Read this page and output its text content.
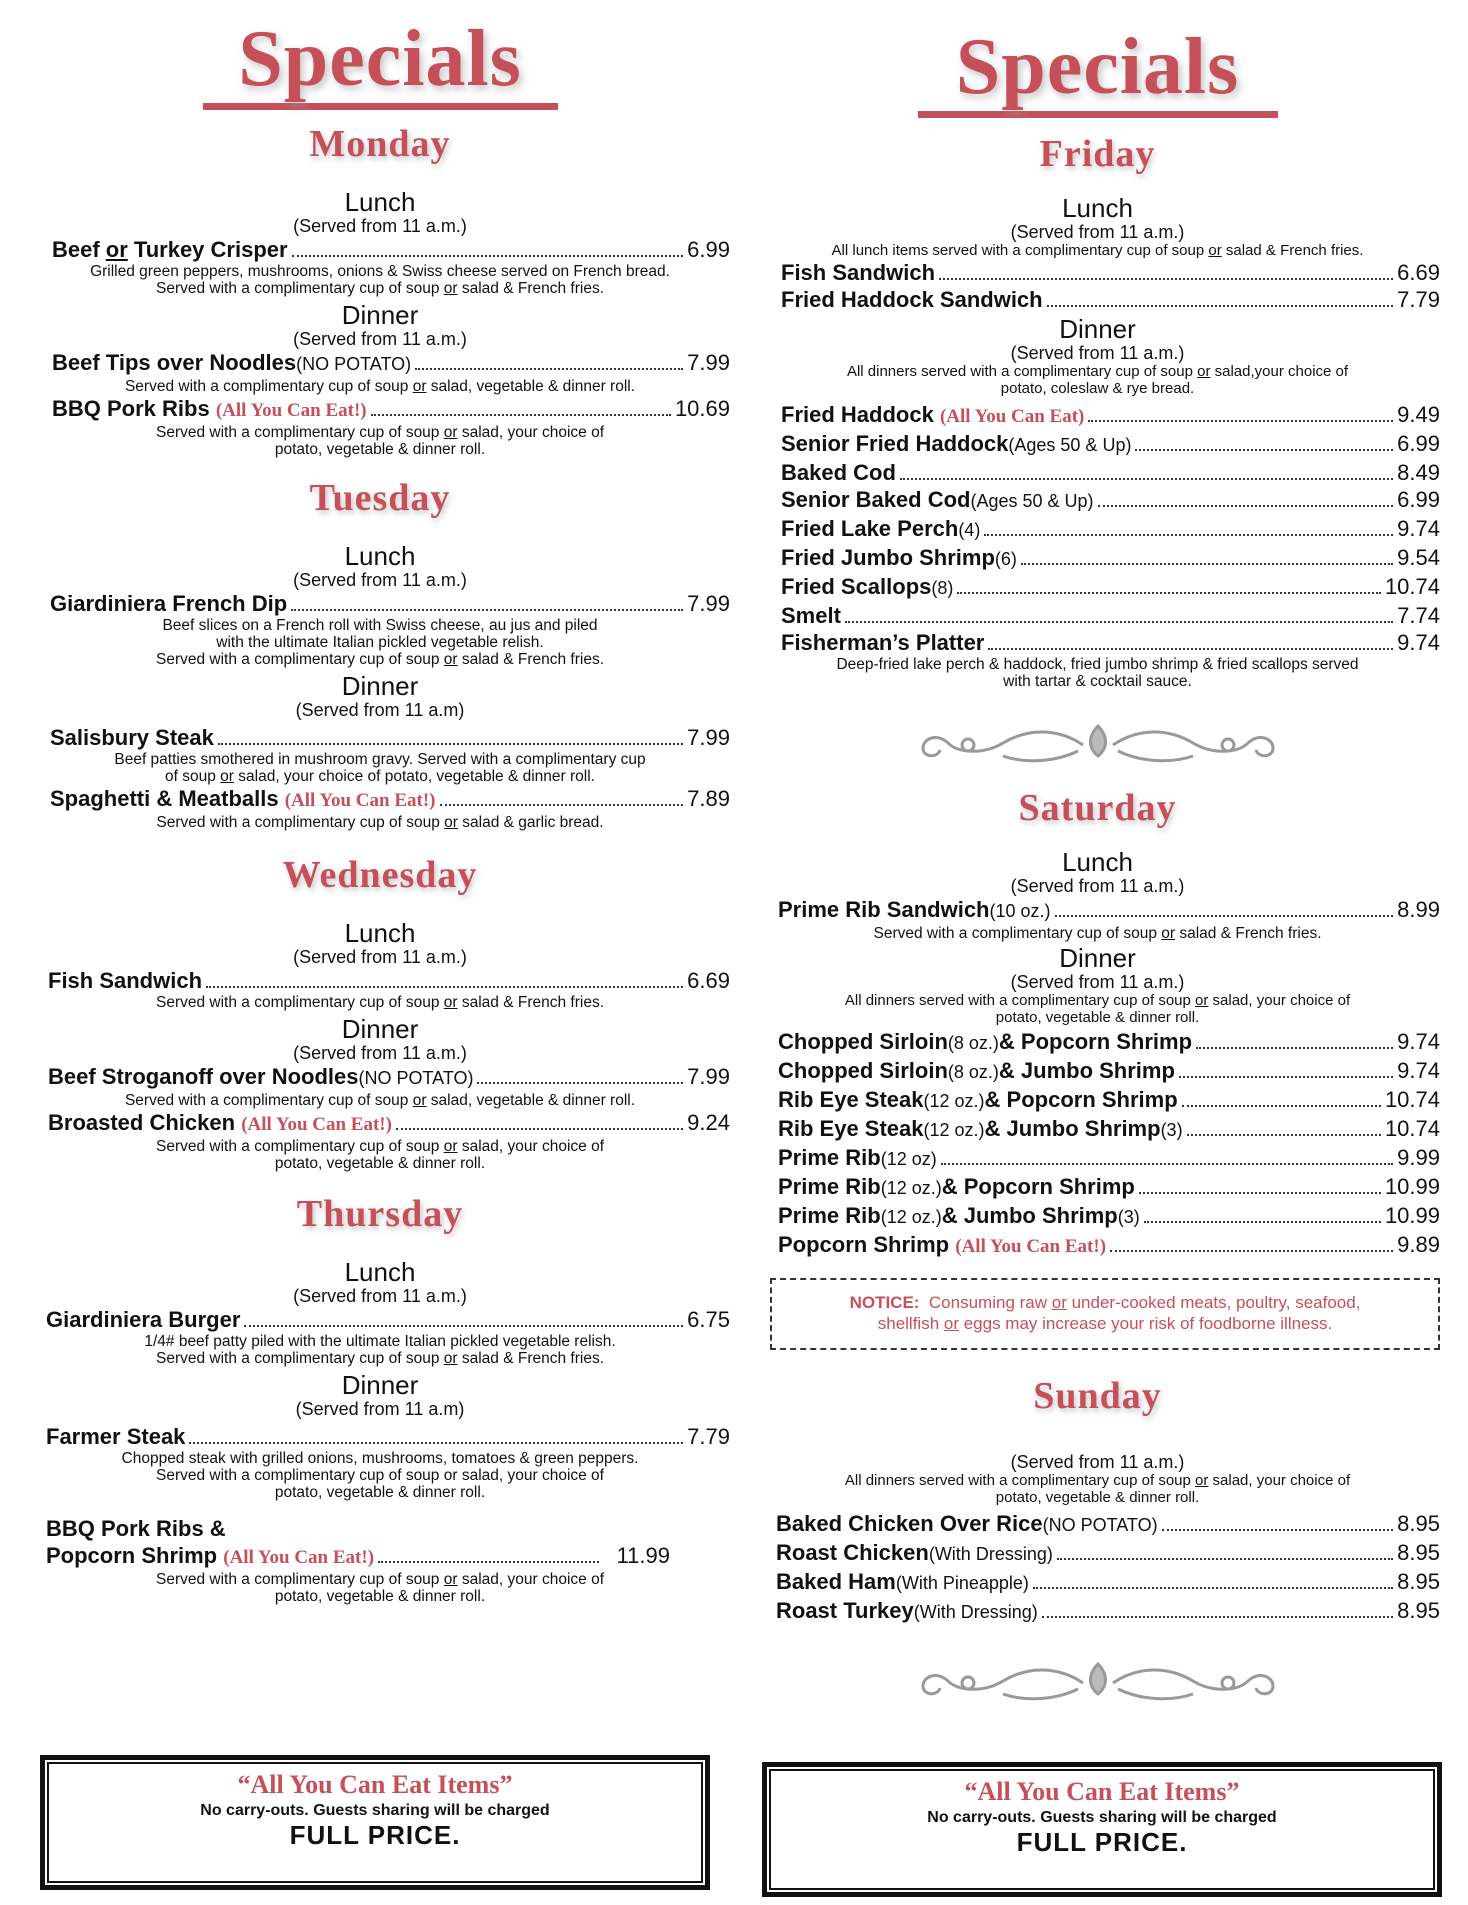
Specials
Monday
Lunch
(Served from 11 a.m.)
Beef or Turkey Crisper	6.99
Grilled green peppers, mushrooms, onions & Swiss cheese served on French bread.
Served with a complimentary cup of soup or salad & French fries.
Dinner
(Served from 11 a.m.)
Beef Tips over Noodles (NO POTATO)	7.99
Served with a complimentary cup of soup or salad, vegetable & dinner roll.
BBQ Pork Ribs
(All You Can Eat!)	10.69
Served with a complimentary cup of soup or salad, your choice of
potato, vegetable & dinner roll.
Tuesday
Lunch
(Served from 11 a.m.)
Giardiniera French Dip	7.99
Beef slices on a French roll with Swiss cheese, au jus and piled
with the ultimate Italian pickled vegetable relish.
Served with a complimentary cup of soup or salad & French fries.
Dinner
(Served from 11 a.m)
Salisbury Steak	7.99
Beef patties smothered in mushroom gravy. Served with a complimentary cup
of soup or salad, your choice of potato, vegetable & dinner roll.
Spaghetti & Meatballs
(All You Can Eat!)	7.89
Served with a complimentary cup of soup or salad & garlic bread.
Wednesday
Lunch
(Served from 11 a.m.)
Fish Sandwich	6.69
Served with a complimentary cup of soup or salad & French fries.
Dinner
(Served from 11 a.m.)
Beef Stroganoff over Noodles (NO POTATO)	7.99
Served with a complimentary cup of soup or salad, vegetable & dinner roll.
Broasted Chicken
(All You Can Eat!)	9.24
Served with a complimentary cup of soup or salad, your choice of
potato, vegetable & dinner roll.
Thursday
Lunch
(Served from 11 a.m.)
Giardiniera Burger	6.75
1/4# beef patty piled with the ultimate Italian pickled vegetable relish.
Served with a complimentary cup of soup or salad & French fries.
Dinner
(Served from 11 a.m)
Farmer Steak	7.79
Chopped steak with grilled onions, mushrooms, tomatoes & green peppers.
Served with a complimentary cup of soup or salad, your choice of
potato, vegetable & dinner roll.
BBQ Pork Ribs &
Popcorn Shrimp
(All You Can Eat!)	11.99
Served with a complimentary cup of soup or salad, your choice of
potato, vegetable & dinner roll.
“All You Can Eat Items”
No carry-outs. Guests sharing will be charged
FULL PRICE.
Specials
Friday
Lunch
(Served from 11 a.m.)
All lunch items served with a complimentary cup of soup or salad & French fries.
Fish Sandwich	6.69
Fried Haddock Sandwich	7.79
Dinner
(Served from 11 a.m.)
All dinners served with a complimentary cup of soup or salad,your choice of
potato, coleslaw & rye bread.
Fried Haddock
(All You Can Eat)	9.49
Senior Fried Haddock (Ages 50 & Up)	6.99
Baked Cod	8.49
Senior Baked Cod (Ages 50 & Up)	6.99
Fried Lake Perch (4)	9.74
Fried Jumbo Shrimp (6)	9.54
Fried Scallops (8)	10.74
Smelt	7.74
Fisherman’s Platter	9.74
Deep-fried lake perch & haddock, fried jumbo shrimp & fried scallops served
with tartar & cocktail sauce.
Saturday
Lunch
(Served from 11 a.m.)
Prime Rib Sandwich (10 oz.)	8.99
Served with a complimentary cup of soup or salad & French fries.
Dinner
(Served from 11 a.m.)
All dinners served with a complimentary cup of soup or salad, your choice of
potato, vegetable & dinner roll.
Chopped Sirloin (8 oz.) & Popcorn Shrimp	9.74
Chopped Sirloin (8 oz.) & Jumbo Shrimp	9.74
Rib Eye Steak (12 oz.) & Popcorn Shrimp	10.74
Rib Eye Steak (12 oz.) & Jumbo Shrimp (3)	10.74
Prime Rib (12 oz)	9.99
Prime Rib (12 oz.) & Popcorn Shrimp	10.99
Prime Rib (12 oz.) & Jumbo Shrimp (3)	10.99
Popcorn Shrimp
(All You Can Eat!)	9.89
NOTICE: Consuming raw or under-cooked meats, poultry, seafood,
shellfish or eggs may increase your risk of foodborne illness.
Sunday
(Served from 11 a.m.)
All dinners served with a complimentary cup of soup or salad, your choice of
potato, vegetable & dinner roll.
Baked Chicken Over Rice (NO POTATO)	8.95
Roast Chicken (With Dressing)	8.95
Baked Ham (With Pineapple)	8.95
Roast Turkey (With Dressing)	8.95
“All You Can Eat Items”
No carry-outs. Guests sharing will be charged
FULL PRICE.
